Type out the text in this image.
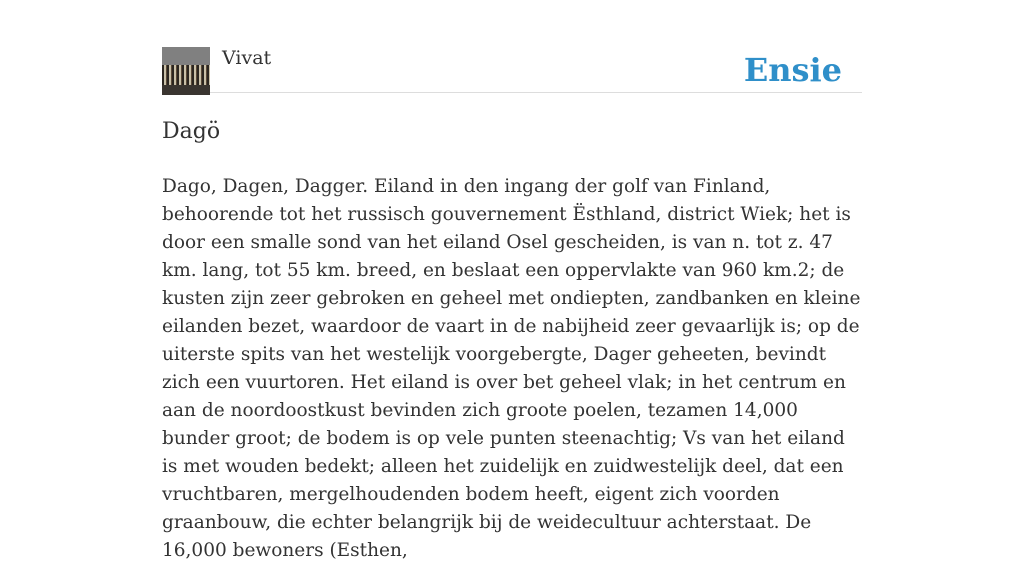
Vivat	Ensie
Dagö

Dago, Dagen, Dagger. Eiland in den ingang der golf van Finland, behoorende tot het russisch gouvernement Ësthland, district Wiek; het is door een smalle sond van het eiland Osel gescheiden, is van n. tot z. 47 km. lang, tot 55 km. breed, en beslaat een oppervlakte van 960 km.2; de kusten zijn zeer gebroken en geheel met ondiepten, zandbanken en kleine eilanden bezet, waardoor de vaart in de nabijheid zeer gevaarlijk is; op de uiterste spits van het westelijk voorgebergte, Dager geheeten, bevindt zich een vuurtoren. Het eiland is over bet geheel vlak; in het centrum en aan de noordoostkust bevinden zich groote poelen, tezamen 14,000 bunder groot; de bodem is op vele punten steenachtig; Vs van het eiland is met wouden bedekt; alleen het zuidelijk en zuidwestelijk deel, dat een vruchtbaren, mergelhoudenden bodem heeft, eigent zich voorden graanbouw, die echter belangrijk bij de weidecultuur achterstaat. De 16,000 bewoners (Esthen,
